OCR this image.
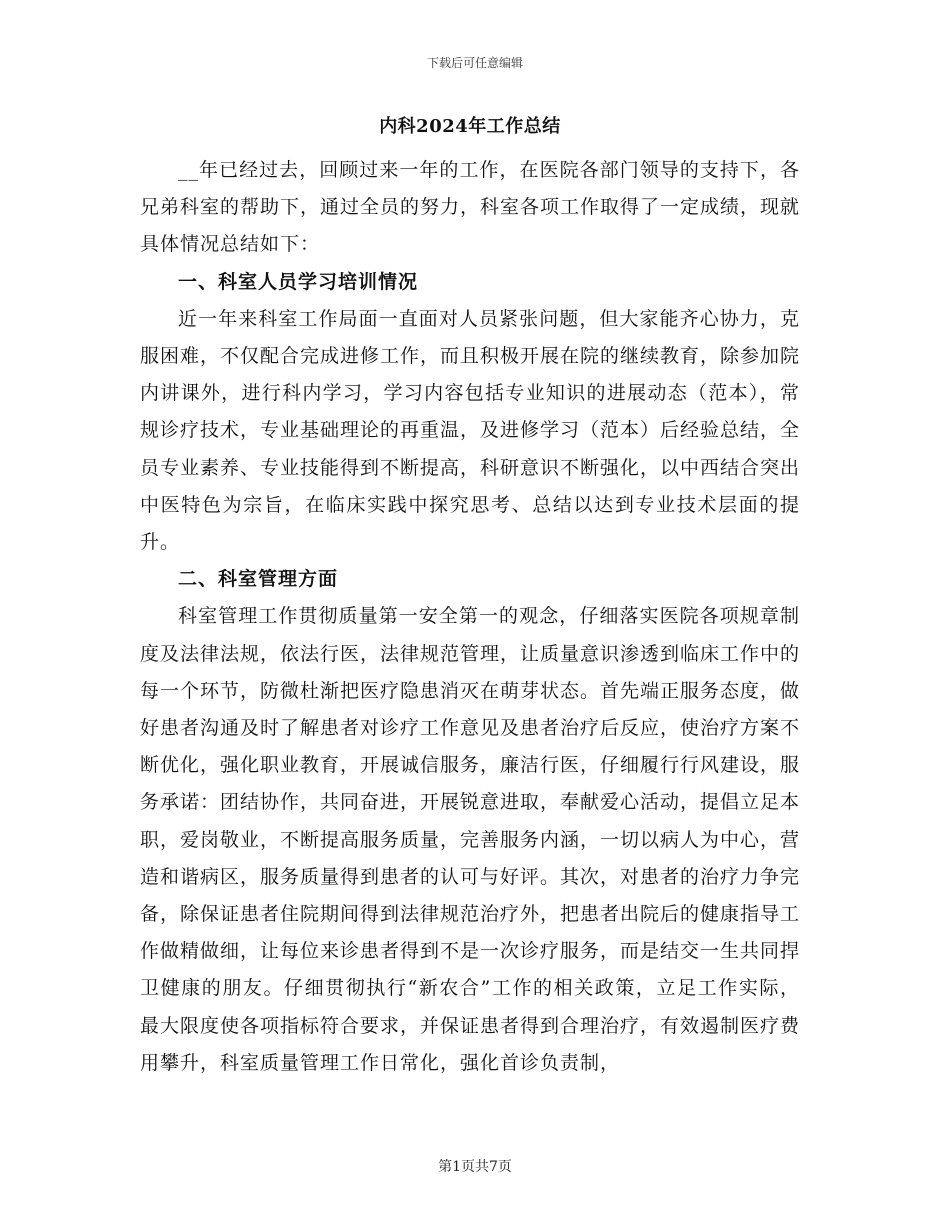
下载后可任意编辑
内科2024年工作总结

__年已经过去，回顾过来一年的工作，在医院各部门领导的支持下，各兄弟科室的帮助下，通过全员的努力，科室各项工作取得了一定成绩，现就具体情况总结如下：

一、科室人员学习培训情况

近一年来科室工作局面一直面对人员紧张问题，但大家能齐心协力，克服困难，不仅配合完成进修工作，而且积极开展在院的继续教育，除参加院内讲课外，进行科内学习，学习内容包括专业知识的进展动态（范本），常规诊疗技术，专业基础理论的再重温，及进修学习（范本）后经验总结，全员专业素养、专业技能得到不断提高，科研意识不断强化，以中西结合突出中医特色为宗旨，在临床实践中探究思考、总结以达到专业技术层面的提升。

二、科室管理方面

科室管理工作贯彻质量第一安全第一的观念，仔细落实医院各项规章制度及法律法规，依法行医，法律规范管理，让质量意识渗透到临床工作中的每一个环节，防微杜渐把医疗隐患消灭在萌芽状态。首先端正服务态度，做好患者沟通及时了解患者对诊疗工作意见及患者治疗后反应，使治疗方案不断优化，强化职业教育，开展诚信服务，廉洁行医，仔细履行行风建设，服务承诺：团结协作，共同奋进，开展锐意进取，奉献爱心活动，提倡立足本职，爱岗敬业，不断提高服务质量，完善服务内涵，一切以病人为中心，营造和谐病区，服务质量得到患者的认可与好评。其次，对患者的治疗力争完备，除保证患者住院期间得到法律规范治疗外，把患者出院后的健康指导工作做精做细，让每位来诊患者得到不是一次诊疗服务，而是结交一生共同捍卫健康的朋友。仔细贯彻执行“新农合”工作的相关政策，立足工作实际，最大限度使各项指标符合要求，并保证患者得到合理治疗，有效遏制医疗费用攀升，科室质量管理工作日常化，强化首诊负责制，

第1页共7页
